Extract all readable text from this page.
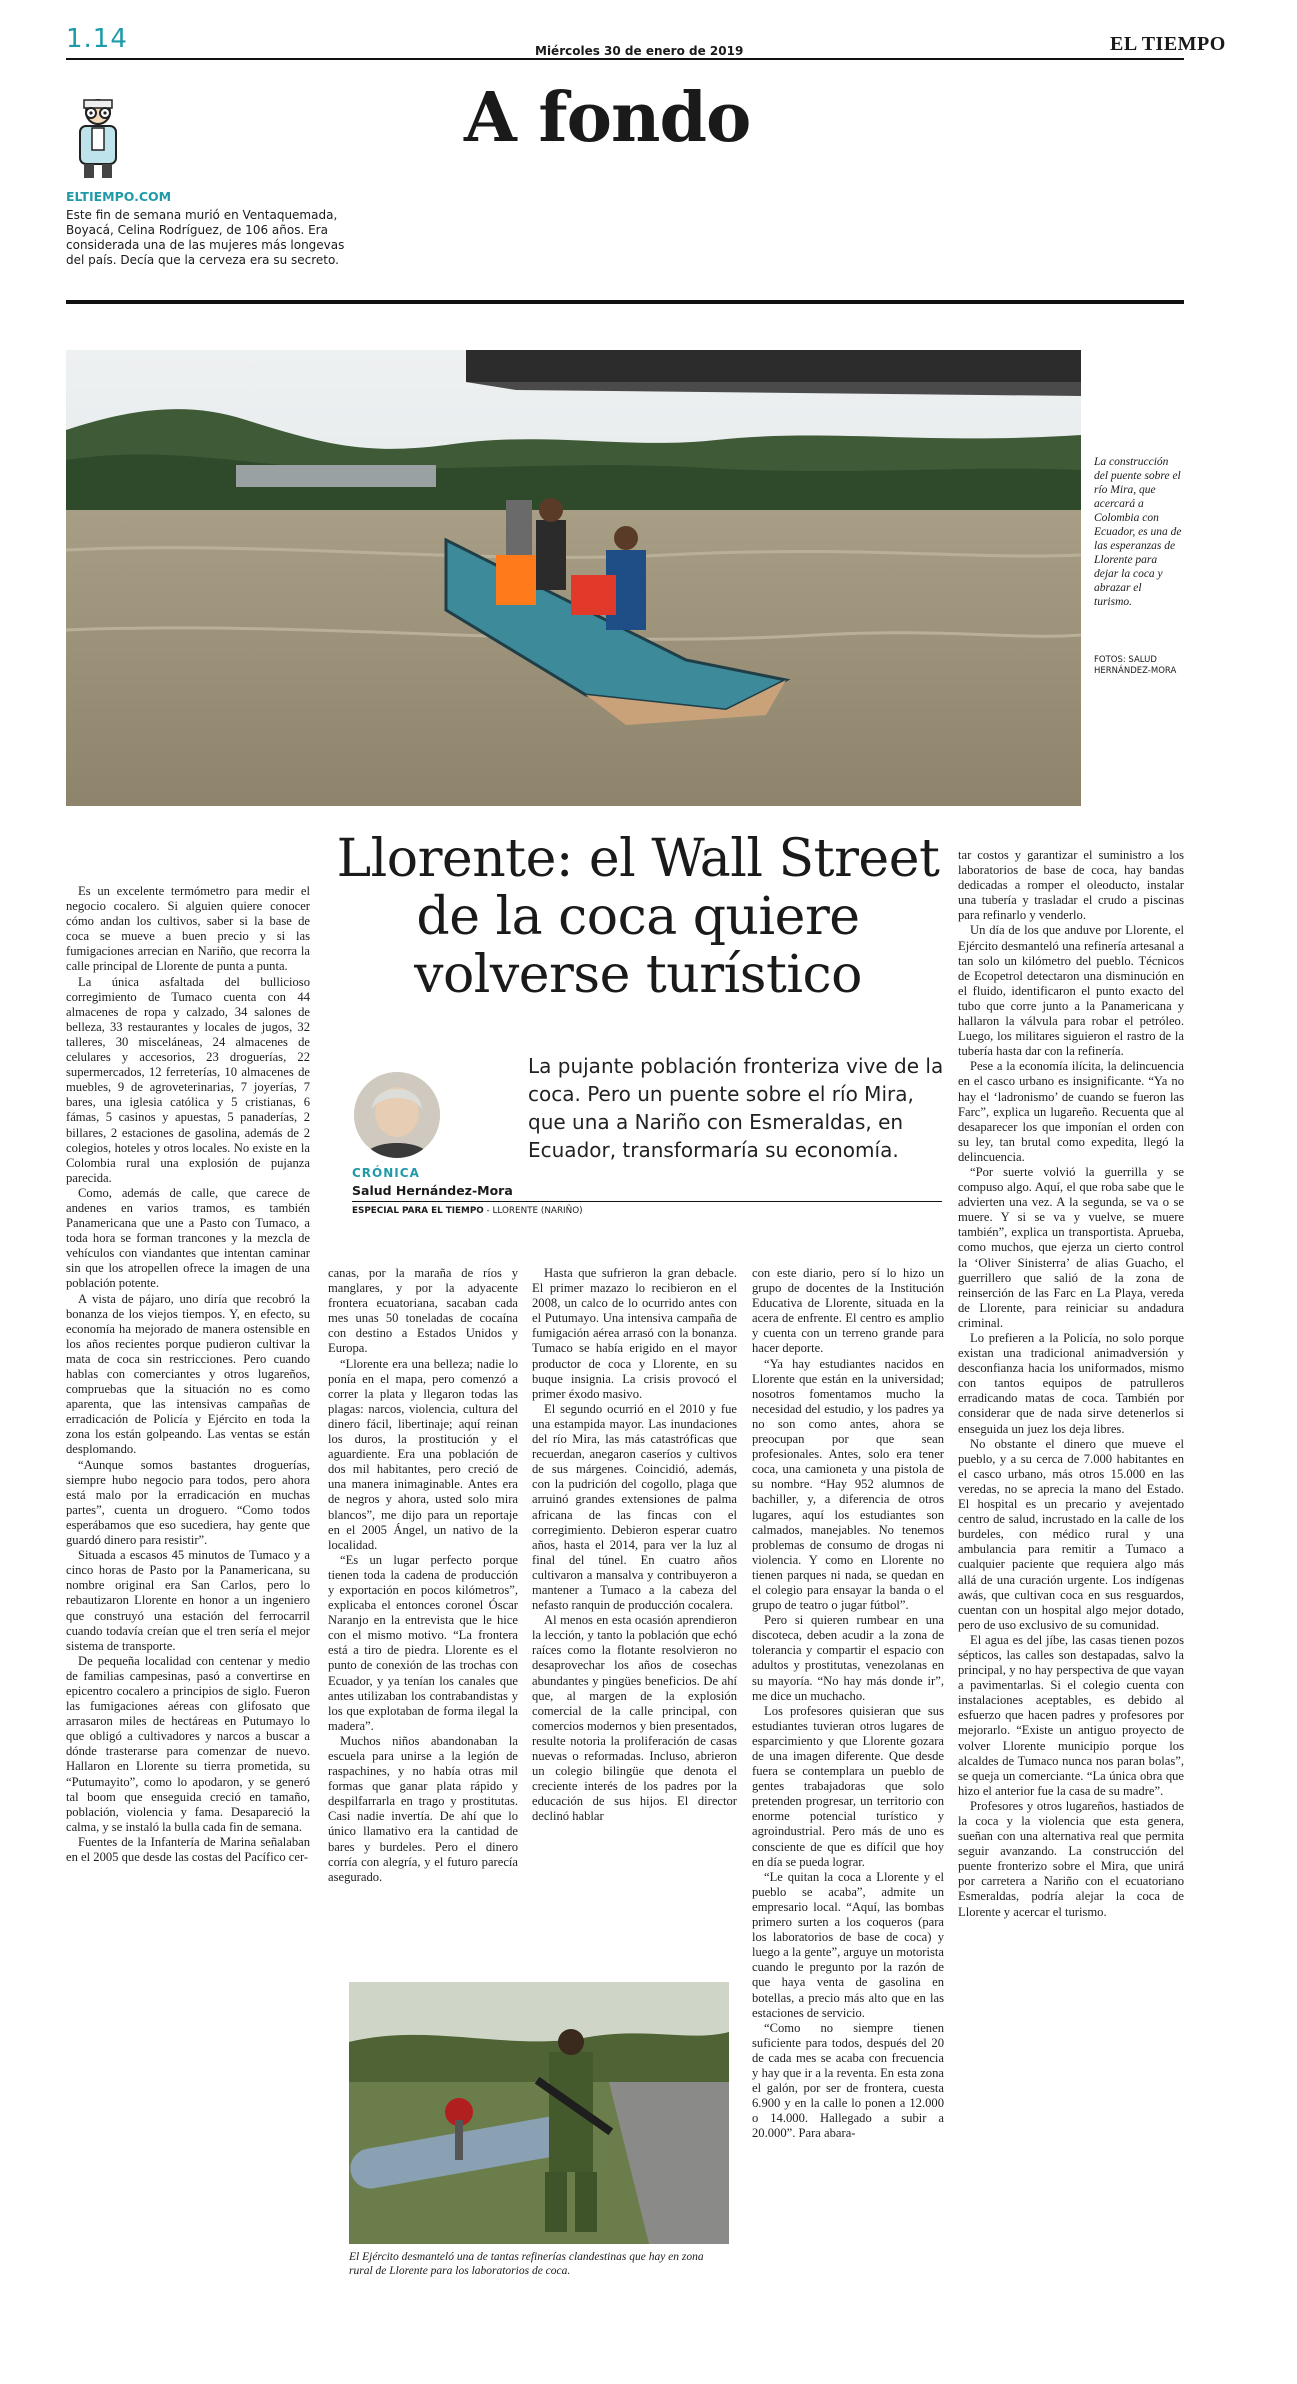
1.14	Miércoles 30 de enero de 2019	EL TIEMPO
A fondo
ELTIEMPO.COM
Este fin de semana murió en Ventaquemada, Boyacá, Celina Rodríguez, de 106 años. Era considerada una de las mujeres más longevas del país. Decía que la cerveza era su secreto.
La construcción del puente sobre el río Mira, que acercará a Colombia con Ecuador, es una de las esperanzas de Llorente para dejar la coca y abrazar el turismo.
FOTOS: SALUD HERNÁNDEZ-MORA
Llorente: el Wall Street de la coca quiere volverse turístico
La pujante población fronteriza vive de la coca. Pero un puente sobre el río Mira, que una a Nariño con Esmeraldas, en Ecuador, transformaría su economía.
CRÓNICA
Salud Hernández-Mora
ESPECIAL PARA EL TIEMPO - LLORENTE (NARIÑO)

Es un excelente termómetro para medir el negocio cocalero. Si alguien quiere conocer cómo andan los cultivos, saber si la base de coca se mueve a buen precio y si las fumigaciones arrecian en Nariño, que recorra la calle principal de Llorente de punta a punta.

La única asfaltada del bullicioso corregimiento de Tumaco cuenta con 44 almacenes de ropa y calzado, 34 salones de belleza, 33 restaurantes y locales de jugos, 32 talleres, 30 misceláneas, 24 almacenes de celulares y accesorios, 23 droguerías, 22 supermercados, 12 ferreterías, 10 almacenes de muebles, 9 de agroveterinarias, 7 joyerías, 7 bares, una iglesia católica y 5 cristianas, 6 fámas, 5 casinos y apuestas, 5 panaderías, 2 billares, 2 estaciones de gasolina, además de 2 colegios, hoteles y otros locales. No existe en la Colombia rural una explosión de pujanza parecida.

Como, además de calle, que carece de andenes en varios tramos, es también Panamericana que une a Pasto con Tumaco, a toda hora se forman trancones y la mezcla de vehículos con viandantes que intentan caminar sin que los atropellen ofrece la imagen de una población potente.

A vista de pájaro, uno diría que recobró la bonanza de los viejos tiempos. Y, en efecto, su economía ha mejorado de manera ostensible en los años recientes porque pudieron cultivar la mata de coca sin restricciones. Pero cuando hablas con comerciantes y otros lugareños, compruebas que la situación no es como aparenta, que las intensivas campañas de erradicación de Policía y Ejército en toda la zona los están golpeando. Las ventas se están desplomando.

“Aunque somos bastantes droguerías, siempre hubo negocio para todos, pero ahora está malo por la erradicación en muchas partes”, cuenta un droguero. “Como todos esperábamos que eso sucediera, hay gente que guardó dinero para resistir”.

Situada a escasos 45 minutos de Tumaco y a cinco horas de Pasto por la Panamericana, su nombre original era San Carlos, pero lo rebautizaron Llorente en honor a un ingeniero que construyó una estación del ferrocarril cuando todavía creían que el tren sería el mejor sistema de transporte.

De pequeña localidad con centenar y medio de familias campesinas, pasó a convertirse en epicentro cocalero a principios de siglo. Fueron las fumigaciones aéreas con glifosato que arrasaron miles de hectáreas en Putumayo lo que obligó a cultivadores y narcos a buscar a dónde trasterarse para comenzar de nuevo. Hallaron en Llorente su tierra prometida, su “Putumayito”, como lo apodaron, y se generó tal boom que enseguida creció en tamaño, población, violencia y fama. Desapareció la calma, y se instaló la bulla cada fin de semana.

Fuentes de la Infantería de Marina señalaban en el 2005 que desde las costas del Pacífico cer-

canas, por la maraña de ríos y manglares, y por la adyacente frontera ecuatoriana, sacaban cada mes unas 50 toneladas de cocaína con destino a Estados Unidos y Europa.

“Llorente era una belleza; nadie lo ponía en el mapa, pero comenzó a correr la plata y llegaron todas las plagas: narcos, violencia, cultura del dinero fácil, libertinaje; aquí reinan los duros, la prostitución y el aguardiente. Era una población de dos mil habitantes, pero creció de una manera inimaginable. Antes era de negros y ahora, usted solo mira blancos”, me dijo para un reportaje en el 2005 Ángel, un nativo de la localidad.

“Es un lugar perfecto porque tienen toda la cadena de producción y exportación en pocos kilómetros”, explicaba el entonces coronel Óscar Naranjo en la entrevista que le hice con el mismo motivo. “La frontera está a tiro de piedra. Llorente es el punto de conexión de las trochas con Ecuador, y ya tenían los canales que antes utilizaban los contrabandistas y los que explotaban de forma ilegal la madera”.

Muchos niños abandonaban la escuela para unirse a la legión de raspachines, y no había otras mil formas que ganar plata rápido y despilfarrarla en trago y prostitutas. Casi nadie invertía. De ahí que lo único llamativo era la cantidad de bares y burdeles. Pero el dinero corría con alegría, y el futuro parecía asegurado.

Hasta que sufrieron la gran debacle. El primer mazazo lo recibieron en el 2008, un calco de lo ocurrido antes con el Putumayo. Una intensiva campaña de fumigación aérea arrasó con la bonanza. Tumaco se había erigido en el mayor productor de coca y Llorente, en su buque insignia. La crisis provocó el primer éxodo masivo.

El segundo ocurrió en el 2010 y fue una estampida mayor. Las inundaciones del río Mira, las más catastróficas que recuerdan, anegaron caseríos y cultivos de sus márgenes. Coincidió, además, con la pudrición del cogollo, plaga que arruinó grandes extensiones de palma africana de las fincas con el corregimiento. Debieron esperar cuatro años, hasta el 2014, para ver la luz al final del túnel. En cuatro años cultivaron a mansalva y contribuyeron a mantener a Tumaco a la cabeza del nefasto ranquin de producción cocalera.

Al menos en esta ocasión aprendieron la lección, y tanto la población que echó raíces como la flotante resolvieron no desaprovechar los años de cosechas abundantes y pingües beneficios. De ahí que, al margen de la explosión comercial de la calle principal, con comercios modernos y bien presentados, resulte notoria la proliferación de casas nuevas o reformadas. Incluso, abrieron un colegio bilingüe que denota el creciente interés de los padres por la educación de sus hijos. El director declinó hablar

con este diario, pero sí lo hizo un grupo de docentes de la Institución Educativa de Llorente, situada en la acera de enfrente. El centro es amplio y cuenta con un terreno grande para hacer deporte.

“Ya hay estudiantes nacidos en Llorente que están en la universidad; nosotros fomentamos mucho la necesidad del estudio, y los padres ya no son como antes, ahora se preocupan por que sean profesionales. Antes, solo era tener coca, una camioneta y una pistola de su nombre. “Hay 952 alumnos de bachiller, y, a diferencia de otros lugares, aquí los estudiantes son calmados, manejables. No tenemos problemas de consumo de drogas ni violencia. Y como en Llorente no tienen parques ni nada, se quedan en el colegio para ensayar la banda o el grupo de teatro o jugar fútbol”.

Pero si quieren rumbear en una discoteca, deben acudir a la zona de tolerancia y compartir el espacio con adultos y prostitutas, venezolanas en su mayoría. “No hay más donde ir”, me dice un muchacho.

Los profesores quisieran que sus estudiantes tuvieran otros lugares de esparcimiento y que Llorente gozara de una imagen diferente. Que desde fuera se contemplara un pueblo de gentes trabajadoras que solo pretenden progresar, un territorio con enorme potencial turístico y agroindustrial. Pero más de uno es consciente de que es difícil que hoy en día se pueda lograr.

“Le quitan la coca a Llorente y el pueblo se acaba”, admite un empresario local. “Aquí, las bombas primero surten a los coqueros (para los laboratorios de base de coca) y luego a la gente”, arguye un motorista cuando le pregunto por la razón de que haya venta de gasolina en botellas, a precio más alto que en las estaciones de servicio.

“Como no siempre tienen suficiente para todos, después del 20 de cada mes se acaba con frecuencia y hay que ir a la reventa. En esta zona el galón, por ser de frontera, cuesta 6.900 y en la calle lo ponen a 12.000 o 14.000. Hallegado a subir a 20.000”. Para abara-

tar costos y garantizar el suministro a los laboratorios de base de coca, hay bandas dedicadas a romper el oleoducto, instalar una tubería y trasladar el crudo a piscinas para refinarlo y venderlo.

Un día de los que anduve por Llorente, el Ejército desmanteló una refinería artesanal a tan solo un kilómetro del pueblo. Técnicos de Ecopetrol detectaron una disminución en el fluido, identificaron el punto exacto del tubo que corre junto a la Panamericana y hallaron la válvula para robar el petróleo. Luego, los militares siguieron el rastro de la tubería hasta dar con la refinería.

Pese a la economía ilícita, la delincuencia en el casco urbano es insignificante. “Ya no hay el ‘ladronismo’ de cuando se fueron las Farc”, explica un lugareño. Recuenta que al desaparecer los que imponían el orden con su ley, tan brutal como expedita, llegó la delincuencia.

“Por suerte volvió la guerrilla y se compuso algo. Aquí, el que roba sabe que le advierten una vez. A la segunda, se va o se muere. Y si se va y vuelve, se muere también”, explica un transportista. Aprueba, como muchos, que ejerza un cierto control la ‘Oliver Sinisterra’ de alias Guacho, el guerrillero que salió de la zona de reinserción de las Farc en La Playa, vereda de Llorente, para reiniciar su andadura criminal.

Lo prefieren a la Policía, no solo porque existan una tradicional animadversión y desconfianza hacia los uniformados, mismo con tantos equipos de patrulleros erradicando matas de coca. También por considerar que de nada sirve detenerlos si enseguida un juez los deja libres.

No obstante el dinero que mueve el pueblo, y a su cerca de 7.000 habitantes en el casco urbano, más otros 15.000 en las veredas, no se aprecia la mano del Estado. El hospital es un precario y avejentado centro de salud, incrustado en la calle de los burdeles, con médico rural y una ambulancia para remitir a Tumaco a cualquier paciente que requiera algo más allá de una curación urgente. Los indígenas awás, que cultivan coca en sus resguardos, cuentan con un hospital algo mejor dotado, pero de uso exclusivo de su comunidad.

El agua es del jíbe, las casas tienen pozos sépticos, las calles son destapadas, salvo la principal, y no hay perspectiva de que vayan a pavimentarlas. Si el colegio cuenta con instalaciones aceptables, es debido al esfuerzo que hacen padres y profesores por mejorarlo. “Existe un antiguo proyecto de volver Llorente municipio porque los alcaldes de Tumaco nunca nos paran bolas”, se queja un comerciante. “La única obra que hizo el anterior fue la casa de su madre”.

Profesores y otros lugareños, hastiados de la coca y la violencia que esta genera, sueñan con una alternativa real que permita seguir avanzando. La construcción del puente fronterizo sobre el Mira, que unirá por carretera a Nariño con el ecuatoriano Esmeraldas, podría alejar la coca de Llorente y acercar el turismo.

El Ejército desmanteló una de tantas refinerías clandestinas que hay en zona rural de Llorente para los laboratorios de coca.
